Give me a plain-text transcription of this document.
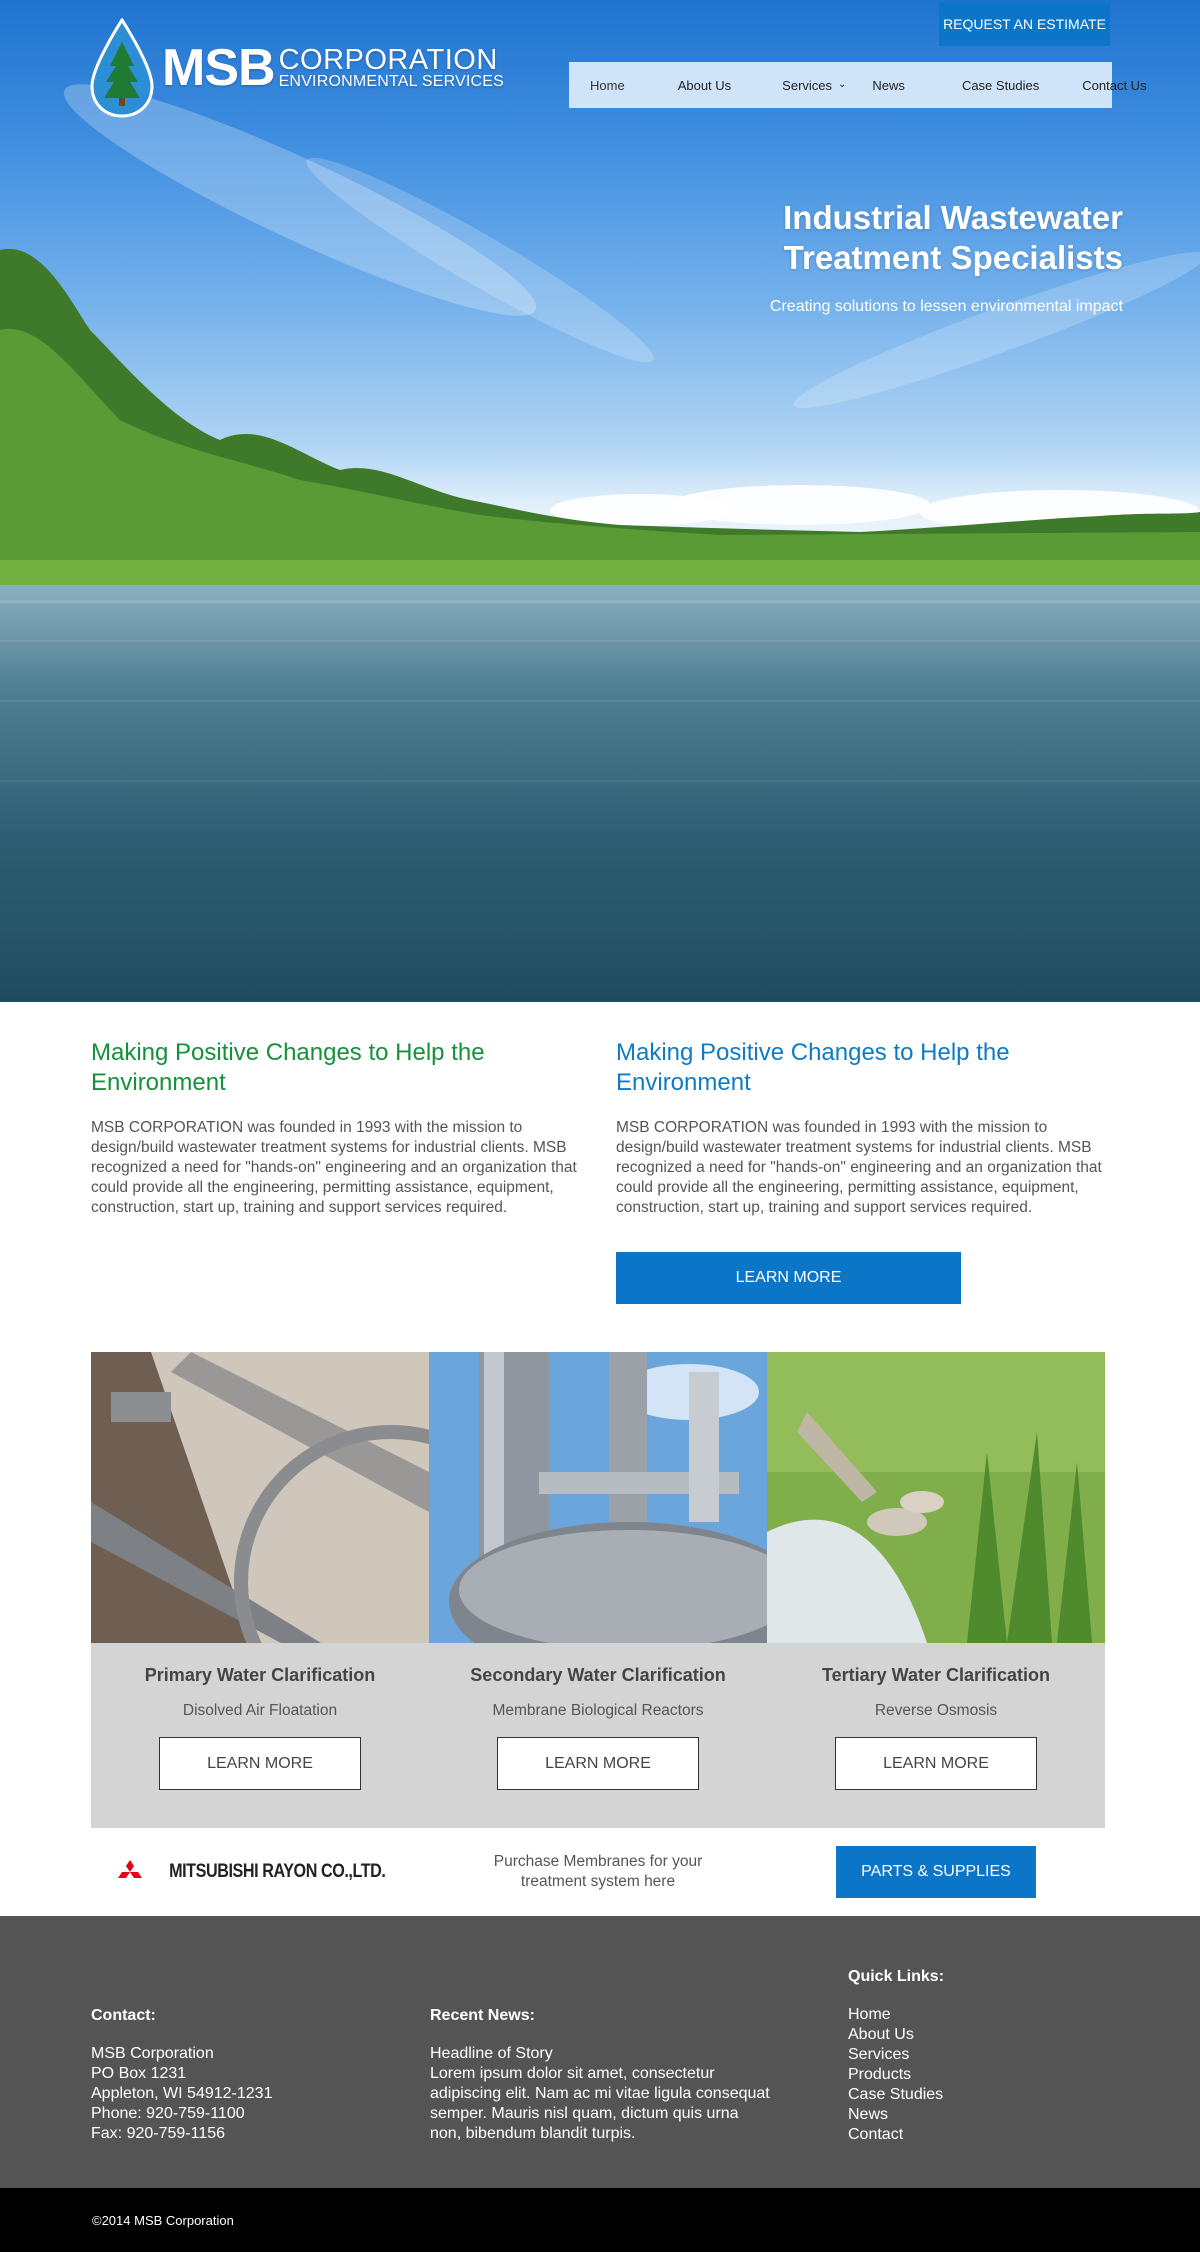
MSB CORPORATION
ENVIRONMENTAL SERVICES
REQUEST AN ESTIMATE
Home	About Us	Services ⌄	News	Case Studies	Contact Us
Industrial Wastewater
Treatment Specialists
Creating solutions to lessen environmental impact
Making Positive Changes to Help the Environment

MSB CORPORATION was founded in 1993 with the mission to design/build wastewater treatment systems for industrial clients. MSB recognized a need for "hands-on" engineering and an organization that could provide all the engineering, permitting assistance, equipment, construction, start up, training and support services required.

Making Positive Changes to Help the Environment

MSB CORPORATION was founded in 1993 with the mission to design/build wastewater treatment systems for industrial clients. MSB recognized a need for "hands-on" engineering and an organization that could provide all the engineering, permitting assistance, equipment, construction, start up, training and support services required.

LEARN MORE
Primary Water Clarification
Disolved Air Floatation
LEARN MORE
Secondary Water Clarification
Membrane Biological Reactors
LEARN MORE
Tertiary Water Clarification
Reverse Osmosis
LEARN MORE
MITSUBISHI RAYON CO.,LTD.	Purchase Membranes for your
treatment system here
PARTS & SUPPLIES
Contact:
MSB Corporation
PO Box 1231
Appleton, WI 54912-1231
Phone: 920-759-1100
Fax: 920-759-1156
Recent News:
Headline of Story
Lorem ipsum dolor sit amet, consectetur adipiscing elit. Nam ac mi vitae ligula consequat semper. Mauris nisl quam, dictum quis urna non, bibendum blandit turpis.
Quick Links:
Home
About Us
Services
Products
Case Studies
News
Contact
©2014 MSB Corporation
